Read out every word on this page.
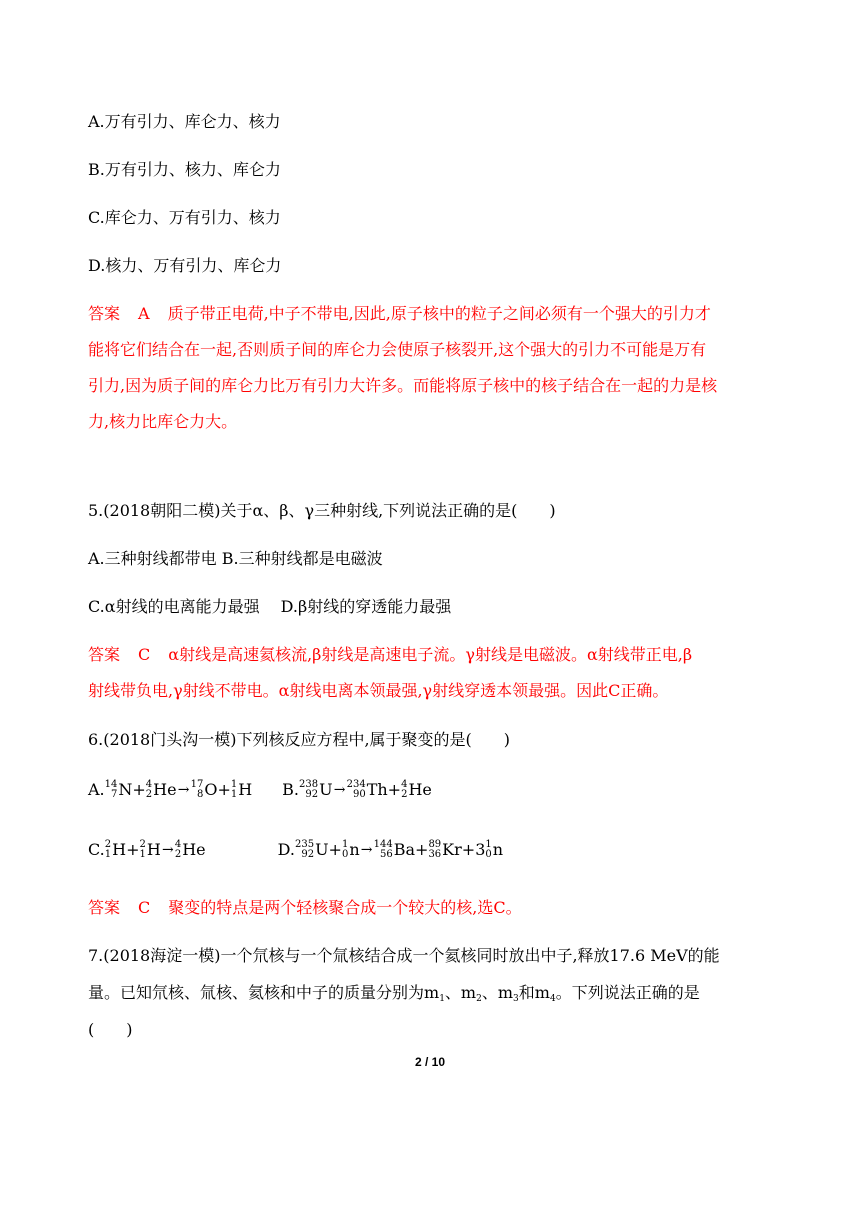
A.万有引力、库仑力、核力
B.万有引力、核力、库仑力
C.库仑力、万有引力、核力
D.核力、万有引力、库仑力
答案 A 质子带正电荷,中子不带电,因此,原子核中的粒子之间必须有一个强大的引力才
能将它们结合在一起,否则质子间的库仑力会使原子核裂开,这个强大的引力不可能是万有
引力,因为质子间的库仑力比万有引力大许多。而能将原子核中的核子结合在一起的力是核
力,核力比库仑力大。
5.(2018朝阳二模)关于α、β、γ三种射线,下列说法正确的是(　　)
A.三种射线都带电 B.三种射线都是电磁波
C.α射线的电离能力最强　 D.β射线的穿透能力最强
答案 C α射线是高速氦核流,β射线是高速电子流。γ射线是电磁波。α射线带正电,β
射线带负电,γ射线不带电。α射线电离本领最强,γ射线穿透本领最强。因此C正确。
6.(2018门头沟一模)下列核反应方程中,属于聚变的是(　　)
A. 14
7 N + 4
2 He → 17
8 O + 1
1 H B. 238
92 U → 234
90 Th + 4
2 He
C. 2
1 H + 2
1 H → 4
2 He	D. 235
92 U + 1
0 n → 144
56 Ba + 89
36 Kr + 3 1
0 n
答案 C 聚变的特点是两个轻核聚合成一个较大的核,选C。
7.(2018海淀一模)一个氘核与一个氚核结合成一个氦核同时放出中子,释放17.6 MeV的能
量。已知氘核、氚核、氦核和中子的质量分别为m1、m2、m3和m4。下列说法正确的是
(　　)
2 / 10
